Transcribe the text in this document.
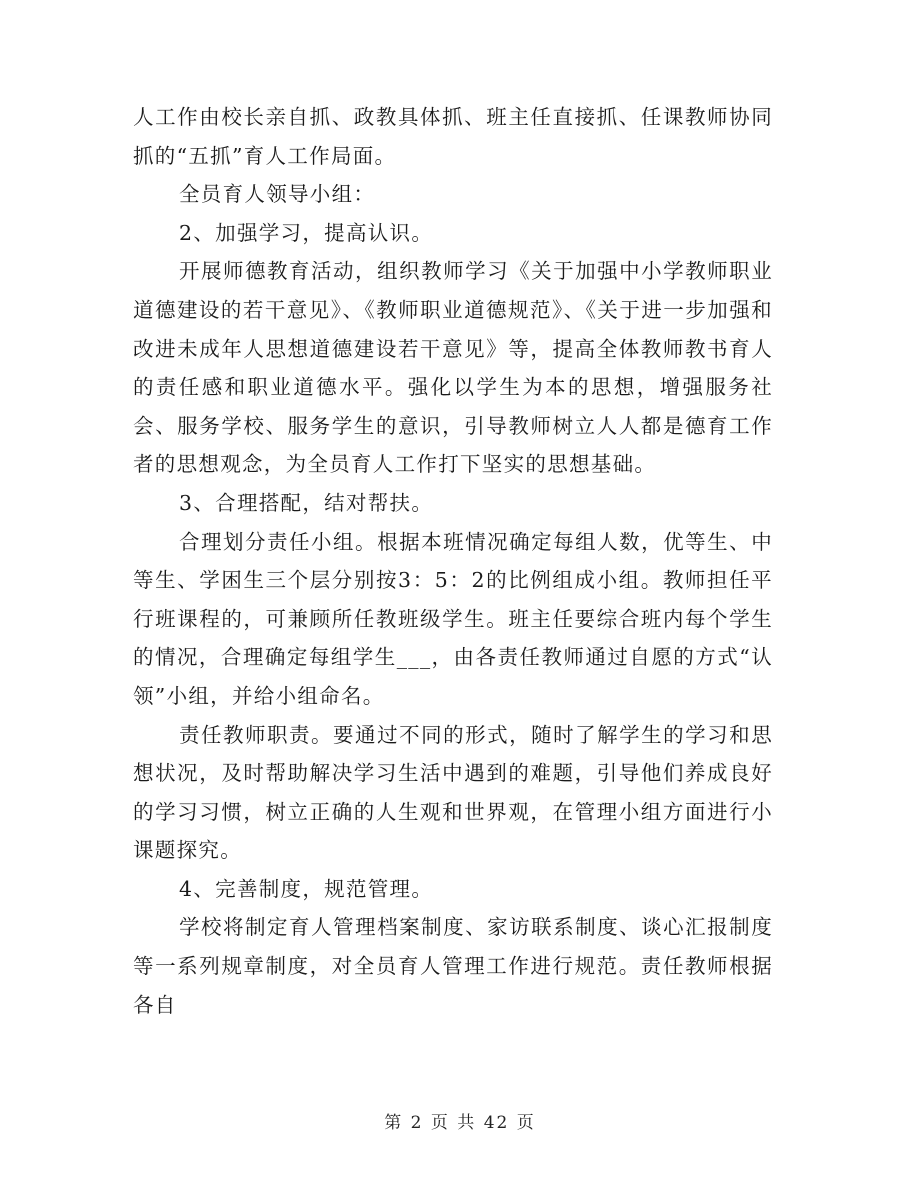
人工作由校长亲自抓、政教具体抓、班主任直接抓、任课教师协同抓的“五抓”育人工作局面。

全员育人领导小组：

2、加强学习，提高认识。

开展师德教育活动，组织教师学习《关于加强中小学教师职业道德建设的若干意见》、《教师职业道德规范》、《关于进一步加强和改进未成年人思想道德建设若干意见》等，提高全体教师教书育人的责任感和职业道德水平。强化以学生为本的思想，增强服务社会、服务学校、服务学生的意识，引导教师树立人人都是德育工作者的思想观念，为全员育人工作打下坚实的思想基础。

3、合理搭配，结对帮扶。

合理划分责任小组。根据本班情况确定每组人数，优等生、中等生、学困生三个层分别按3：5：2的比例组成小组。教师担任平行班课程的，可兼顾所任教班级学生。班主任要综合班内每个学生的情况，合理确定每组学生___，由各责任教师通过自愿的方式“认领”小组，并给小组命名。

责任教师职责。要通过不同的形式，随时了解学生的学习和思想状况，及时帮助解决学习生活中遇到的难题，引导他们养成良好的学习习惯，树立正确的人生观和世界观，在管理小组方面进行小课题探究。

4、完善制度，规范管理。

学校将制定育人管理档案制度、家访联系制度、谈心汇报制度等一系列规章制度，对全员育人管理工作进行规范。责任教师根据各自

第 2 页 共 42 页
